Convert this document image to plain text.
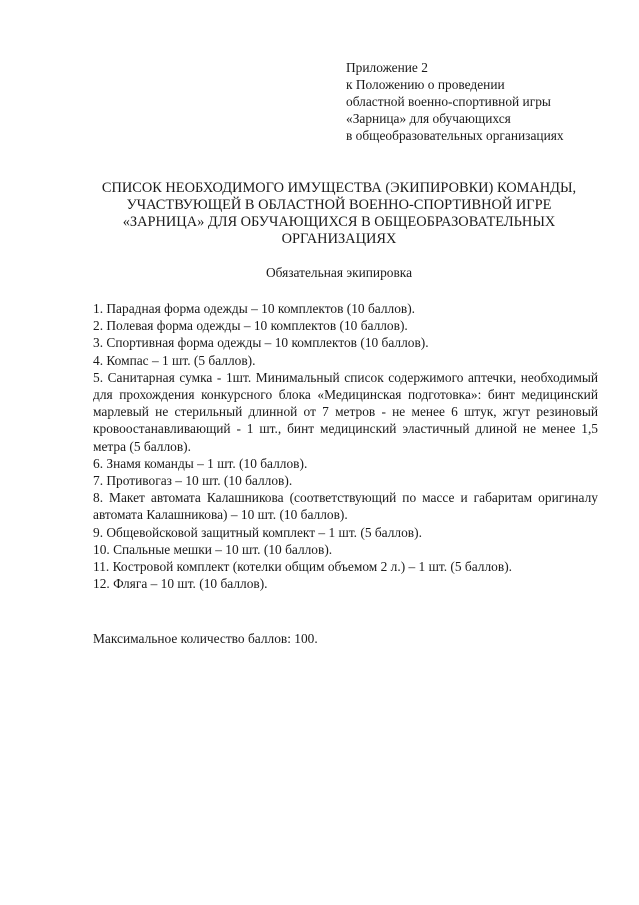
Приложение 2
к Положению о проведении
областной военно-спортивной игры
«Зарница» для обучающихся
в общеобразовательных организациях
СПИСОК НЕОБХОДИМОГО ИМУЩЕСТВА (ЭКИПИРОВКИ) КОМАНДЫ,
УЧАСТВУЮЩЕЙ В ОБЛАСТНОЙ ВОЕННО-СПОРТИВНОЙ ИГРЕ
«ЗАРНИЦА» ДЛЯ ОБУЧАЮЩИХСЯ В ОБЩЕОБРАЗОВАТЕЛЬНЫХ
ОРГАНИЗАЦИЯХ
Обязательная экипировка
1. Парадная форма одежды – 10 комплектов (10 баллов).
2. Полевая форма одежды – 10 комплектов (10 баллов).
3. Спортивная форма одежды – 10 комплектов (10 баллов).
4. Компас – 1 шт. (5 баллов).
5. Санитарная сумка - 1шт. Минимальный список содержимого аптечки, необходимый для прохождения конкурсного блока «Медицинская подготовка»: бинт медицинский марлевый не стерильный длинной от 7 метров - не менее 6 штук, жгут резиновый кровоостанавливающий - 1 шт., бинт медицинский эластичный длиной не менее 1,5 метра (5 баллов).
6. Знамя команды – 1 шт. (10 баллов).
7. Противогаз – 10 шт. (10 баллов).
8. Макет автомата Калашникова (соответствующий по массе и габаритам оригиналу автомата Калашникова) – 10 шт. (10 баллов).
9. Общевойсковой защитный комплект – 1 шт. (5 баллов).
10. Спальные мешки – 10 шт. (10 баллов).
11. Костровой комплект (котелки общим объемом 2 л.) – 1 шт. (5 баллов).
12. Фляга – 10 шт. (10 баллов).
Максимальное количество баллов: 100.
